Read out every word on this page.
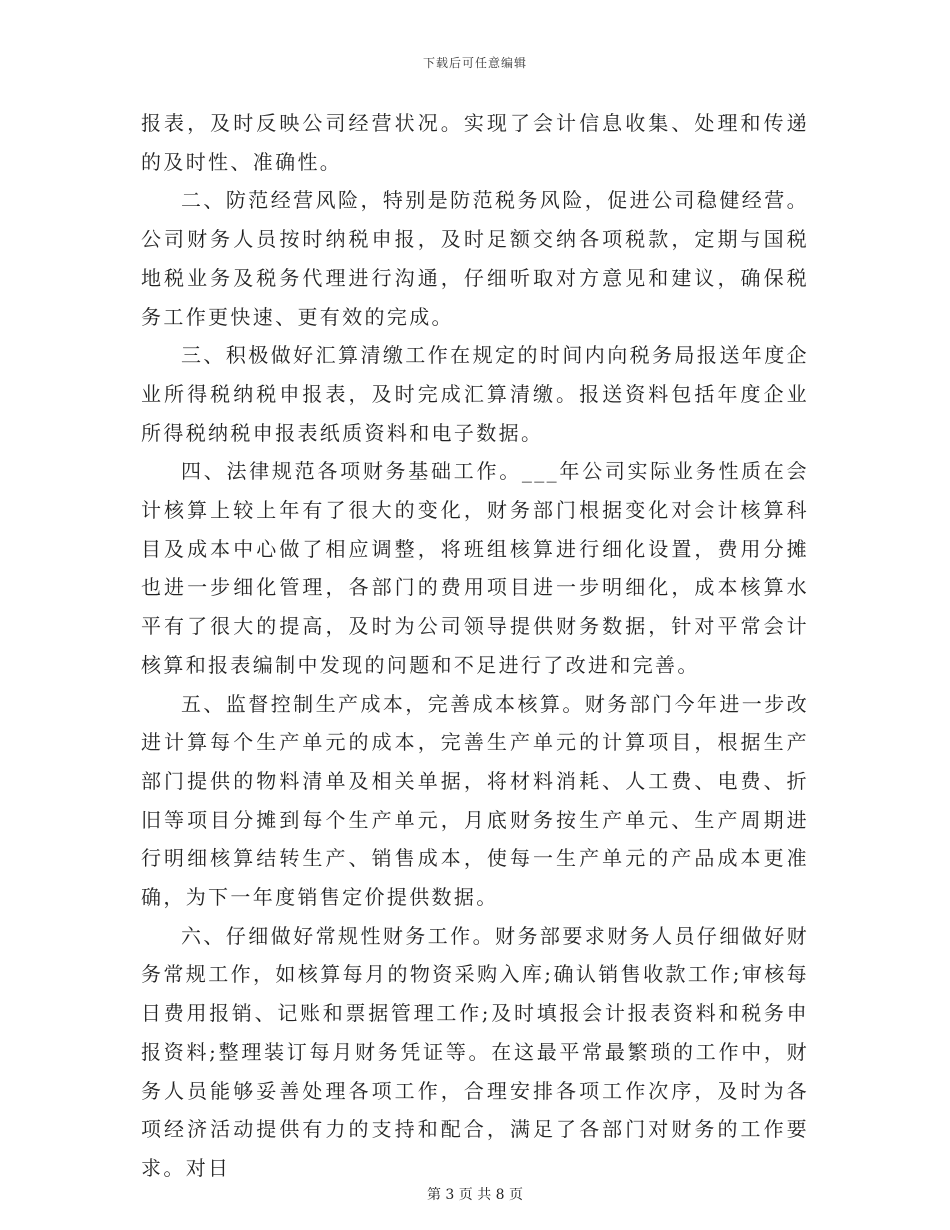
下载后可任意编辑

报表，及时反映公司经营状况。实现了会计信息收集、处理和传递的及时性、准确性。

二、防范经营风险，特别是防范税务风险，促进公司稳健经营。公司财务人员按时纳税申报，及时足额交纳各项税款，定期与国税地税业务及税务代理进行沟通，仔细听取对方意见和建议，确保税务工作更快速、更有效的完成。

三、积极做好汇算清缴工作在规定的时间内向税务局报送年度企业所得税纳税申报表，及时完成汇算清缴。报送资料包括年度企业所得税纳税申报表纸质资料和电子数据。

四、法律规范各项财务基础工作。___年公司实际业务性质在会计核算上较上年有了很大的变化，财务部门根据变化对会计核算科目及成本中心做了相应调整，将班组核算进行细化设置，费用分摊也进一步细化管理，各部门的费用项目进一步明细化，成本核算水平有了很大的提高，及时为公司领导提供财务数据，针对平常会计核算和报表编制中发现的问题和不足进行了改进和完善。

五、监督控制生产成本，完善成本核算。财务部门今年进一步改进计算每个生产单元的成本，完善生产单元的计算项目，根据生产部门提供的物料清单及相关单据，将材料消耗、人工费、电费、折旧等项目分摊到每个生产单元，月底财务按生产单元、生产周期进行明细核算结转生产、销售成本，使每一生产单元的产品成本更准确，为下一年度销售定价提供数据。

六、仔细做好常规性财务工作。财务部要求财务人员仔细做好财务常规工作，如核算每月的物资采购入库;确认销售收款工作;审核每日费用报销、记账和票据管理工作;及时填报会计报表资料和税务申报资料;整理装订每月财务凭证等。在这最平常最繁琐的工作中，财务人员能够妥善处理各项工作，合理安排各项工作次序，及时为各项经济活动提供有力的支持和配合，满足了各部门对财务的工作要求。对日

第 3 页 共 8 页
